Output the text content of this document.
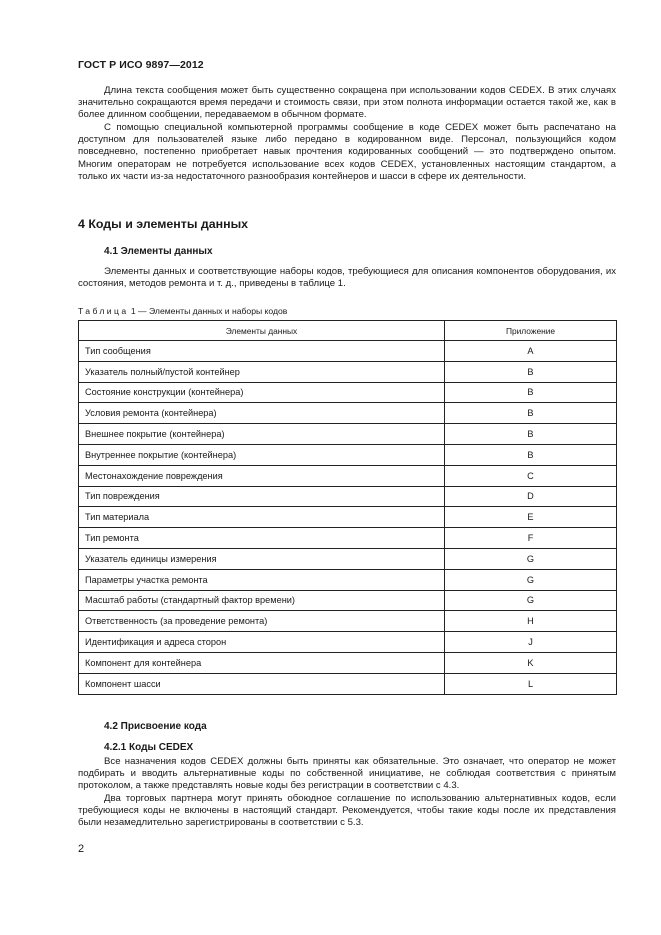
ГОСТ Р ИСО 9897—2012

Длина текста сообщения может быть существенно сокращена при использовании кодов CEDEX. В этих случаях значительно сокращаются время передачи и стоимость связи, при этом полнота информации остается такой же, как в более длинном сообщении, передаваемом в обычном формате.

С помощью специальной компьютерной программы сообщение в коде CEDEX может быть распечатано на доступном для пользователей языке либо передано в кодированном виде. Персонал, пользующийся кодом повседневно, постепенно приобретает навык прочтения кодированных сообщений — это подтверждено опытом. Многим операторам не потребуется использование всех кодов CEDEX, установленных настоящим стандартом, а только их части из-за недостаточного разнообразия контейнеров и шасси в сфере их деятельности.

4 Коды и элементы данных
4.1 Элементы данных

Элементы данных и соответствующие наборы кодов, требующиеся для описания компонентов оборудования, их состояния, методов ремонта и т. д., приведены в таблице 1.

Таблица 1 — Элементы данных и наборы кодов
Элементы данных	Приложение
Тип сообщения	A
Указатель полный/пустой контейнер	B
Состояние конструкции (контейнера)	B
Условия ремонта (контейнера)	B
Внешнее покрытие (контейнера)	B
Внутреннее покрытие (контейнера)	B
Местонахождение повреждения	C
Тип повреждения	D
Тип материала	E
Тип ремонта	F
Указатель единицы измерения	G
Параметры участка ремонта	G
Масштаб работы (стандартный фактор времени)	G
Ответственность (за проведение ремонта)	H
Идентификация и адреса сторон	J
Компонент для контейнера	K
Компонент шасси	L
4.2 Присвоение кода
4.2.1 Коды CEDEX

Все назначения кодов CEDEX должны быть приняты как обязательные. Это означает, что оператор не может подбирать и вводить альтернативные коды по собственной инициативе, не соблюдая соответствия с принятым протоколом, а также представлять новые коды без регистрации в соответствии с 4.3.

Два торговых партнера могут принять обоюдное соглашение по использованию альтернативных кодов, если требующиеся коды не включены в настоящий стандарт. Рекомендуется, чтобы такие коды после их представления были незамедлительно зарегистрированы в соответствии с 5.3.

2
